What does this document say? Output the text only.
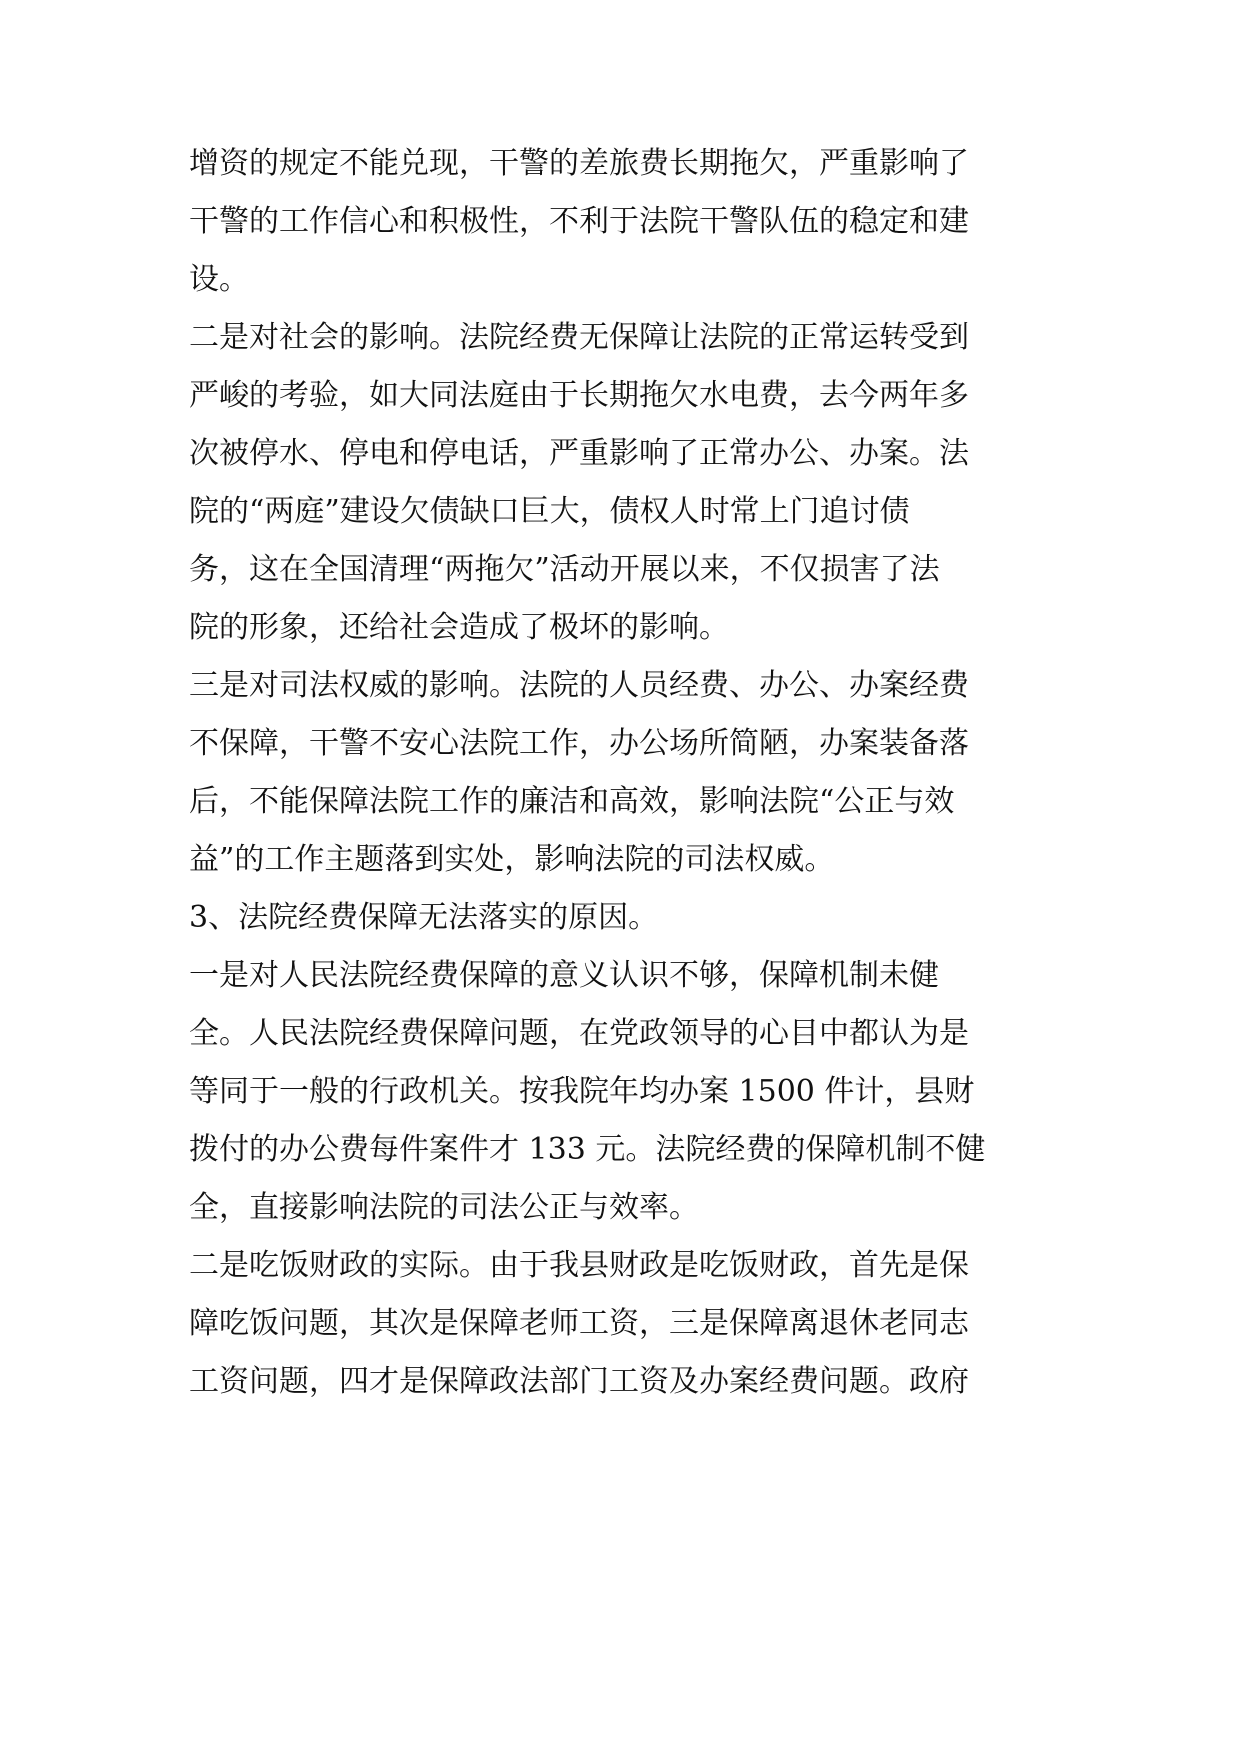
增资的规定不能兑现，干警的差旅费长期拖欠，严重影响了
干警的工作信心和积极性，不利于法院干警队伍的稳定和建
设。
二是对社会的影响。法院经费无保障让法院的正常运转受到
严峻的考验，如大同法庭由于长期拖欠水电费，去今两年多
次被停水、停电和停电话，严重影响了正常办公、办案。法
院的“两庭”建设欠债缺口巨大，债权人时常上门追讨债
务，这在全国清理“两拖欠”活动开展以来，不仅损害了法
院的形象，还给社会造成了极坏的影响。
三是对司法权威的影响。法院的人员经费、办公、办案经费
不保障，干警不安心法院工作，办公场所简陋，办案装备落
后，不能保障法院工作的廉洁和高效，影响法院“公正与效
益”的工作主题落到实处，影响法院的司法权威。
3、法院经费保障无法落实的原因。
一是对人民法院经费保障的意义认识不够，保障机制未健
全。人民法院经费保障问题，在党政领导的心目中都认为是
等同于一般的行政机关。按我院年均办案 1500 件计，县财
拨付的办公费每件案件才 133 元。法院经费的保障机制不健
全，直接影响法院的司法公正与效率。
二是吃饭财政的实际。由于我县财政是吃饭财政，首先是保
障吃饭问题，其次是保障老师工资，三是保障离退休老同志
工资问题，四才是保障政法部门工资及办案经费问题。政府
